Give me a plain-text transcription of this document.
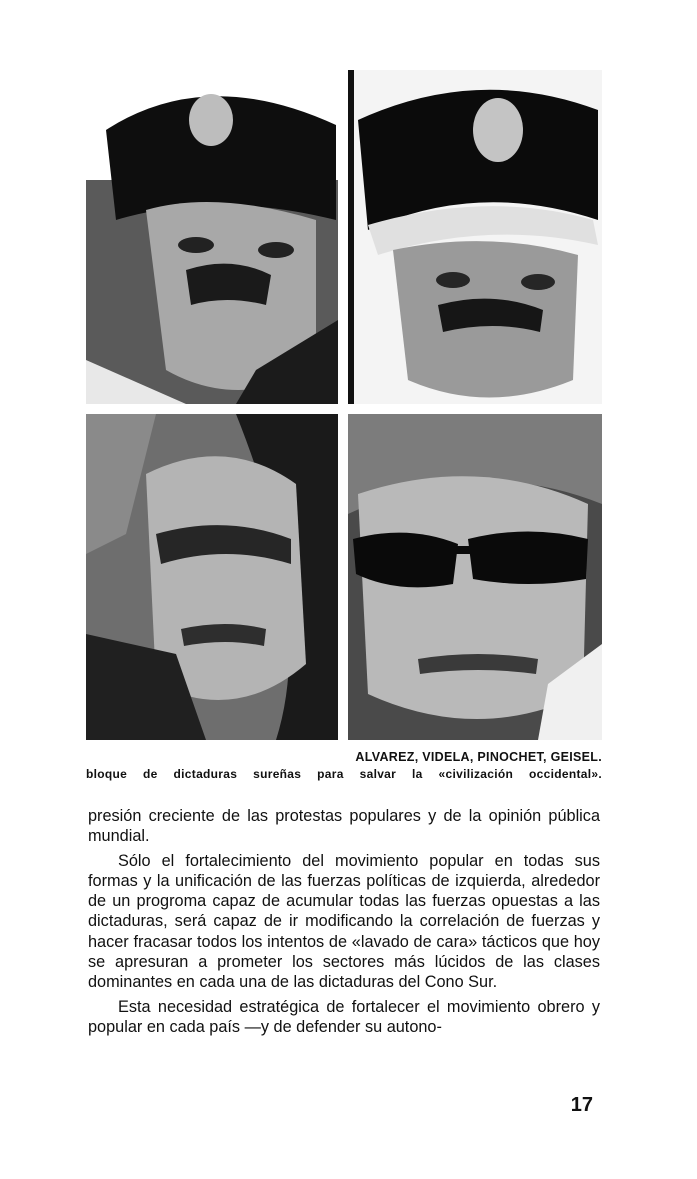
ALVAREZ, VIDELA, PINOCHET, GEISEL.
bloque de dictaduras sureñas para salvar la «civilización occidental».

presión creciente de las protestas populares y de la opinión pública mundial.

Sólo el fortalecimiento del movimiento popular en todas sus formas y la unificación de las fuerzas políticas de izquierda, alrededor de un progroma capaz de acumular todas las fuerzas opuestas a las dictaduras, será capaz de ir modificando la correlación de fuerzas y hacer fracasar todos los intentos de «lavado de cara» tácticos que hoy se apresuran a prometer los sectores más lúcidos de las clases dominantes en cada una de las dictaduras del Cono Sur.

Esta necesidad estratégica de fortalecer el movimiento obrero y popular en cada país —y de defender su autono-

17
